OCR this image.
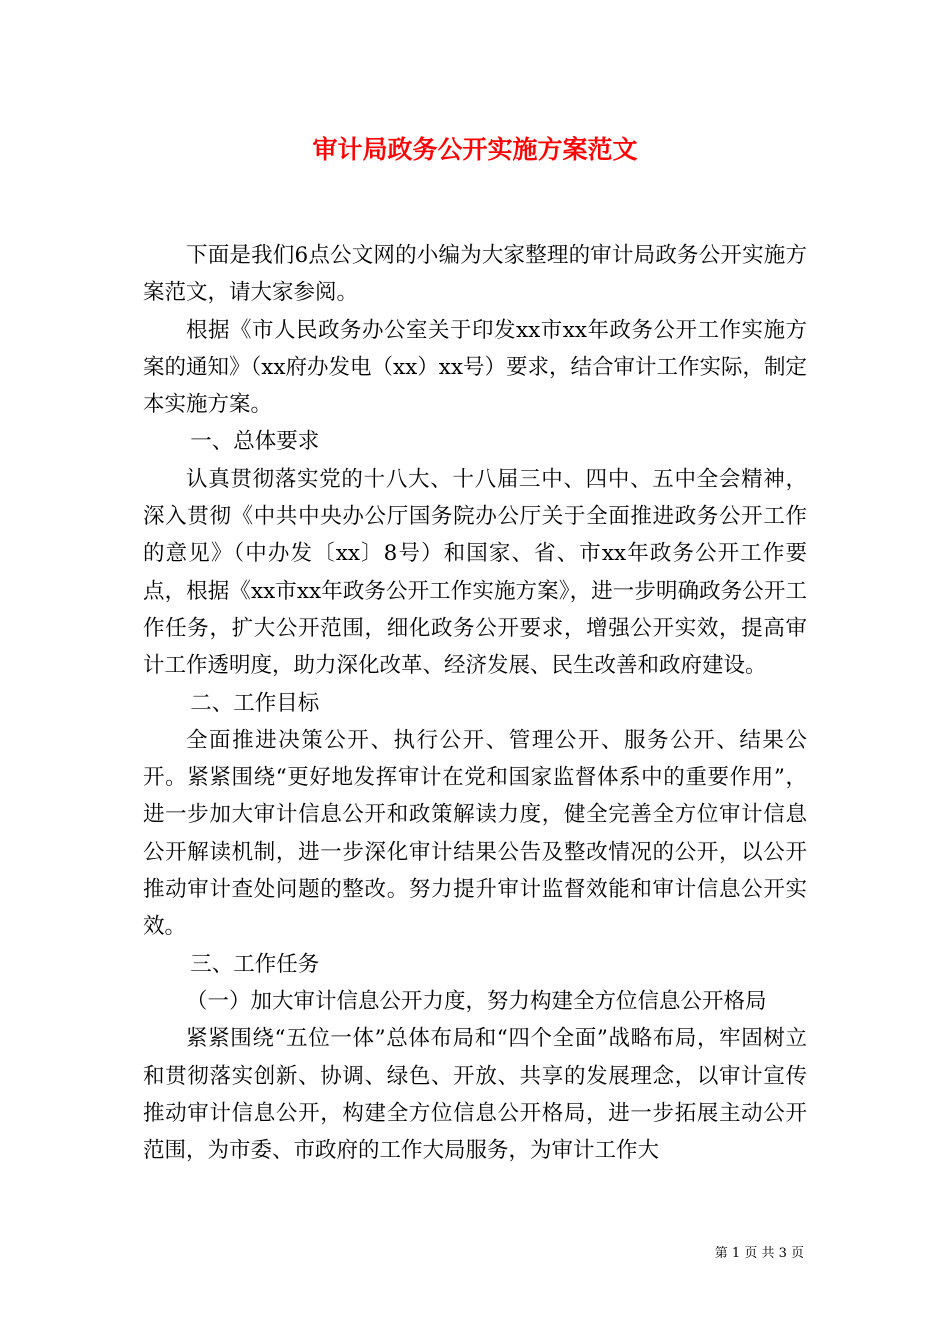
审计局政务公开实施方案范文

下面是我们6点公文网的小编为大家整理的审计局政务公开实施方案范文，请大家参阅。

根据《市人民政务办公室关于印发xx市xx年政务公开工作实施方案的通知》（xx府办发电（xx）xx号）要求，结合审计工作实际，制定本实施方案。

一、总体要求

认真贯彻落实党的十八大、十八届三中、四中、五中全会精神，深入贯彻《中共中央办公厅国务院办公厅关于全面推进政务公开工作的意见》（中办发〔xx〕8号）和国家、省、市xx年政务公开工作要点，根据《xx市xx年政务公开工作实施方案》，进一步明确政务公开工作任务，扩大公开范围，细化政务公开要求，增强公开实效，提高审计工作透明度，助力深化改革、经济发展、民生改善和政府建设。

二、工作目标

全面推进决策公开、执行公开、管理公开、服务公开、结果公开。紧紧围绕“更好地发挥审计在党和国家监督体系中的重要作用”，进一步加大审计信息公开和政策解读力度，健全完善全方位审计信息公开解读机制，进一步深化审计结果公告及整改情况的公开，以公开推动审计查处问题的整改。努力提升审计监督效能和审计信息公开实效。

三、工作任务

（一）加大审计信息公开力度，努力构建全方位信息公开格局

紧紧围绕“五位一体”总体布局和“四个全面”战略布局，牢固树立和贯彻落实创新、协调、绿色、开放、共享的发展理念，以审计宣传推动审计信息公开，构建全方位信息公开格局，进一步拓展主动公开范围，为市委、市政府的工作大局服务，为审计工作大

第 1 页 共 3 页
